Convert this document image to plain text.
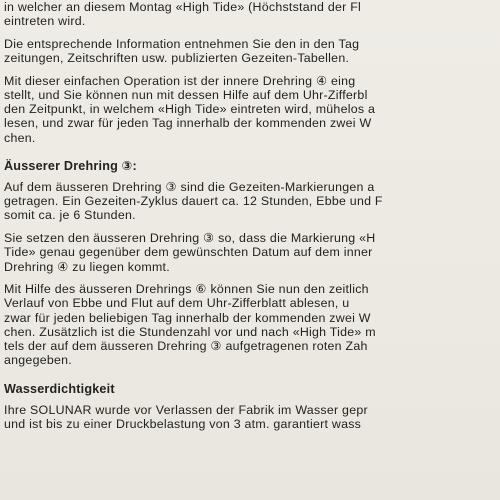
in welcher an diesem Montag «High Tide» (Höchststand der Fl
eintreten wird.
Die entsprechende Information entnehmen Sie den in den Tag
zeitungen, Zeitschriften usw. publizierten Gezeiten-Tabellen.
Mit dieser einfachen Operation ist der innere Drehring ④ eing
stellt, und Sie können nun mit dessen Hilfe auf dem Uhr-Zifferbl
den Zeitpunkt, in welchem «High Tide» eintreten wird, mühelos a
lesen, und zwar für jeden Tag innerhalb der kommenden zwei W
chen.
Äusserer Drehring ③:
Auf dem äusseren Drehring ③ sind die Gezeiten-Markierungen a
getragen. Ein Gezeiten-Zyklus dauert ca. 12 Stunden, Ebbe und F
somit ca. je 6 Stunden.
Sie setzen den äusseren Drehring ③ so, dass die Markierung «H
Tide» genau gegenüber dem gewünschten Datum auf dem inner
Drehring ④ zu liegen kommt.
Mit Hilfe des äusseren Drehrings ⑥ können Sie nun den zeitlich
Verlauf von Ebbe und Flut auf dem Uhr-Zifferblatt ablesen, u
zwar für jeden beliebigen Tag innerhalb der kommenden zwei W
chen. Zusätzlich ist die Stundenzahl vor und nach «High Tide» m
tels der auf dem äusseren Drehring ③ aufgetragenen roten Zah
angegeben.
Wasserdichtigkeit
Ihre SOLUNAR wurde vor Verlassen der Fabrik im Wasser gepr
und ist bis zu einer Druckbelastung von 3 atm. garantiert wass
